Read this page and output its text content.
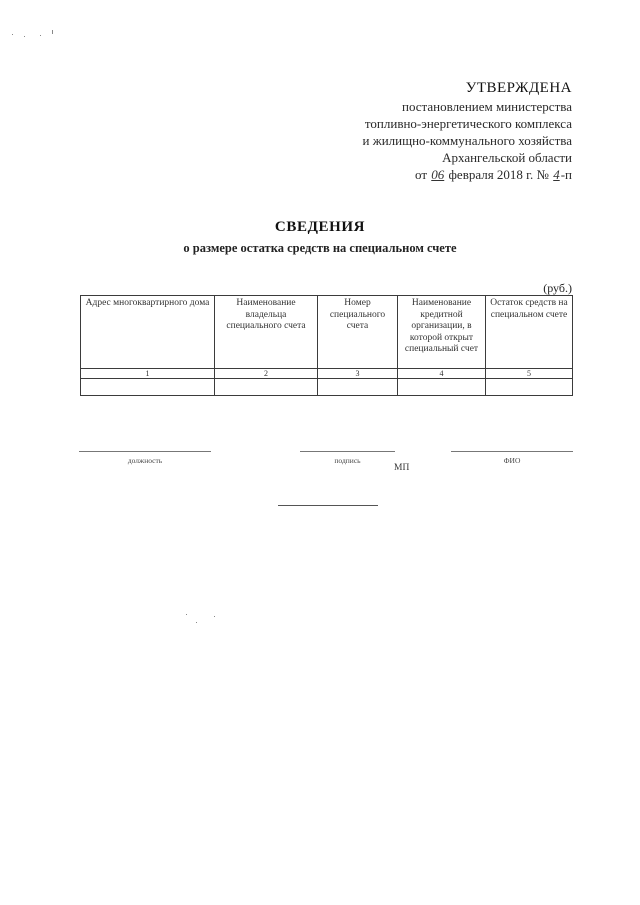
УТВЕРЖДЕНА
постановлением министерства
топливно-энергетического комплекса
и жилищно-коммунального хозяйства
Архангельской области
от 06 февраля 2018 г. № 4-п
СВЕДЕНИЯ
о размере остатка средств на специальном счете
(руб.)
Адрес многоквартирного дома	Наименование владельца специального счета	Номер специального счета	Наименование кредитной организации, в которой открыт специальный счет	Остаток средств на специальном счете
1	2	3	4	5

должность	подпись	ФИО
МП
